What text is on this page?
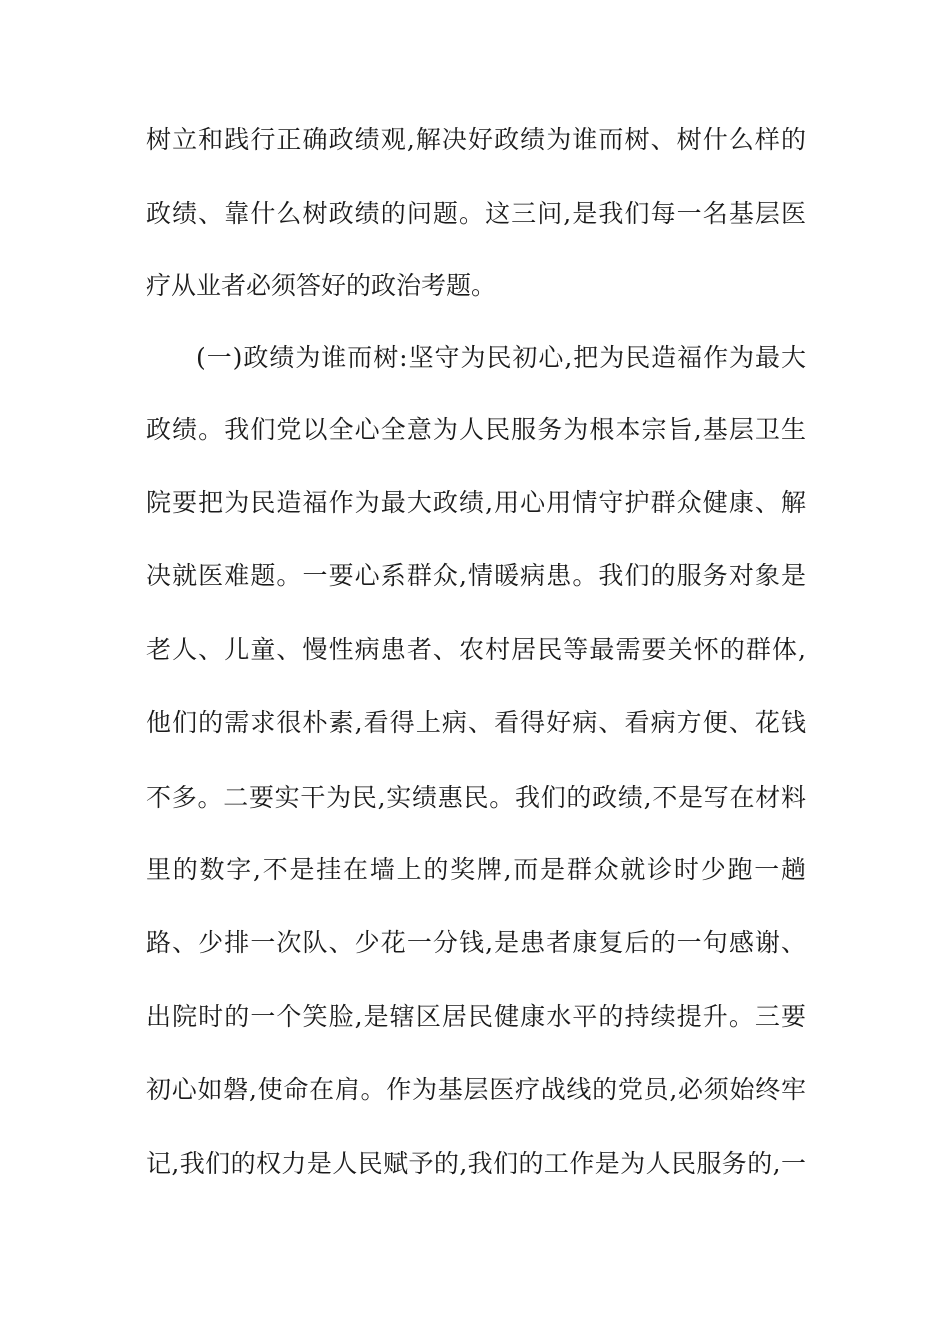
树立和践行正确政绩观,解决好政绩为谁而树、树什么样的
政绩、靠什么树政绩的问题。这三问,是我们每一名基层医
疗从业者必须答好的政治考题。
(一)政绩为谁而树:坚守为民初心,把为民造福作为最大
政绩。我们党以全心全意为人民服务为根本宗旨,基层卫生
院要把为民造福作为最大政绩,用心用情守护群众健康、解
决就医难题。一要心系群众,情暖病患。我们的服务对象是
老人、儿童、慢性病患者、农村居民等最需要关怀的群体,
他们的需求很朴素,看得上病、看得好病、看病方便、花钱
不多。二要实干为民,实绩惠民。我们的政绩,不是写在材料
里的数字,不是挂在墙上的奖牌,而是群众就诊时少跑一趟
路、少排一次队、少花一分钱,是患者康复后的一句感谢、
出院时的一个笑脸,是辖区居民健康水平的持续提升。三要
初心如磐,使命在肩。作为基层医疗战线的党员,必须始终牢
记,我们的权力是人民赋予的,我们的工作是为人民服务的,一
